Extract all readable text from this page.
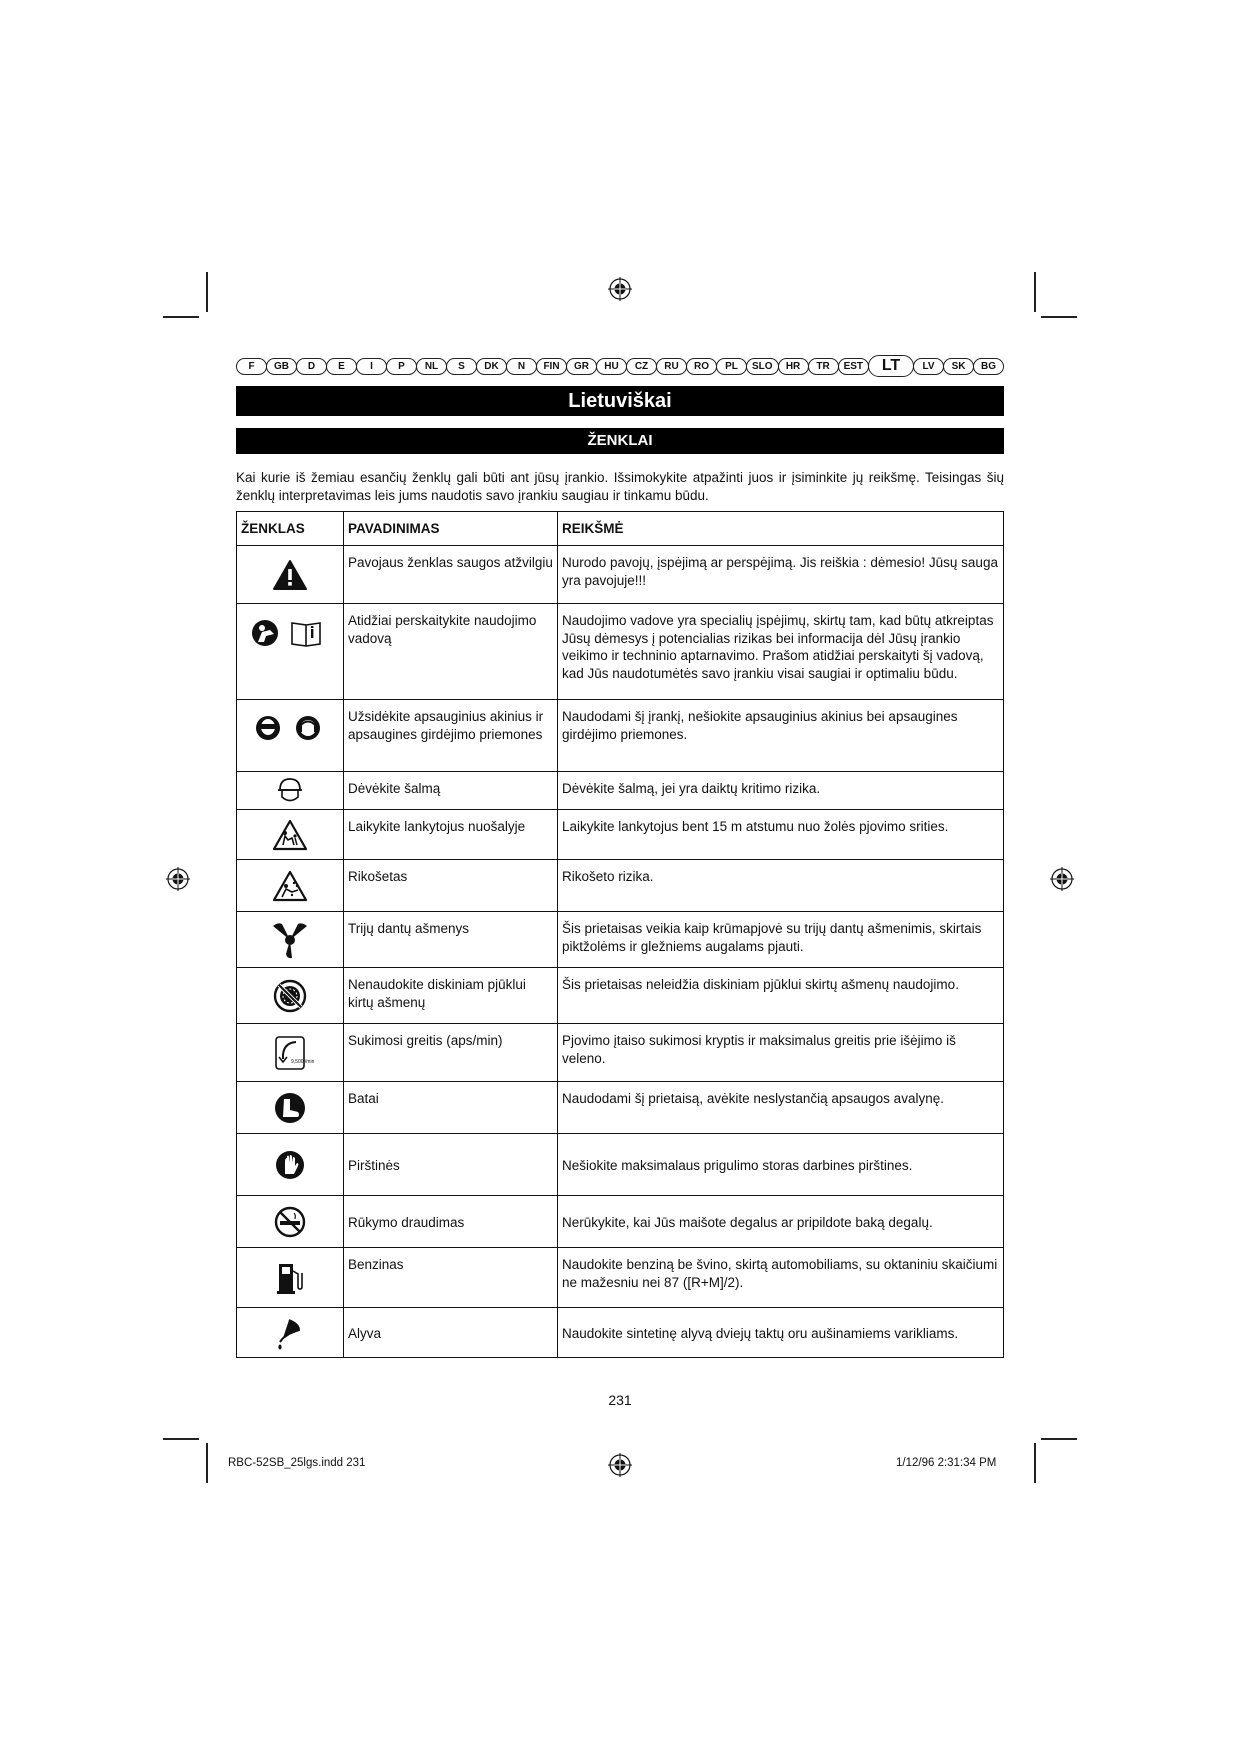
F	GB	D	E	I	P	NL	S	DK	N	FIN	GR	HU	CZ	RU	RO	PL	SLO	HR	TR	EST	LT	LV	SK	BG
Lietuviškai
ŽENKLAI

Kai kurie iš žemiau esančių ženklų gali būti ant jūsų įrankio. Išsimokykite atpažinti juos ir įsiminkite jų reikšmę. Teisingas šių ženklų interpretavimas leis jums naudotis savo įrankiu saugiau ir tinkamu būdu.

ŽENKLAS	PAVADINIMAS	REIKŠMĖ
	Pavojaus ženklas saugos atžvilgiu	Nurodo pavojų, įspėjimą ar perspėjimą. Jis reiškia : dėmesio! Jūsų sauga yra pavojuje!!!
	Atidžiai perskaitykite naudojimo vadovą	Naudojimo vadove yra specialių įspėjimų, skirtų tam, kad būtų atkreiptas Jūsų dėmesys į potencialias rizikas bei informacija dėl Jūsų įrankio veikimo ir techninio aptarnavimo. Prašom atidžiai perskaityti šį vadovą, kad Jūs naudotumėtės savo įrankiu visai saugiai ir optimaliu būdu.
	Užsidėkite apsauginius akinius ir apsaugines girdėjimo priemones	Naudodami šį įrankį, nešiokite apsauginius akinius bei apsaugines girdėjimo priemones.
	Dėvėkite šalmą	Dėvėkite šalmą, jei yra daiktų kritimo rizika.
	Laikykite lankytojus nuošalyje	Laikykite lankytojus bent 15 m atstumu nuo žolės pjovimo srities.
	Rikošetas	Rikošeto rizika.
	Trijų dantų ašmenys	Šis prietaisas veikia kaip krūmapjovė su trijų dantų ašmenimis, skirtais piktžolėms ir gležniems augalams pjauti.
	Nenaudokite diskiniam pjūklui kirtų ašmenų	Šis prietaisas neleidžia diskiniam pjūklui skirtų ašmenų naudojimo.

9,500 /min	Sukimosi greitis (aps/min)	Pjovimo įtaiso sukimosi kryptis ir maksimalus greitis prie išėjimo iš veleno.
	Batai	Naudodami šį prietaisą, avėkite neslystančią apsaugos avalynę.
	Pirštinės	Nešiokite maksimalaus prigulimo storas darbines pirštines.
	Rūkymo draudimas	Nerūkykite, kai Jūs maišote degalus ar pripildote baką degalų.
	Benzinas	Naudokite benziną be švino, skirtą automobiliams, su oktaniniu skaičiumi ne mažesniu nei 87 ([R+M]/2).
	Alyva	Naudokite sintetinę alyvą dviejų taktų oru aušinamiems varikliams.
231
RBC-52SB_25lgs.indd 231	1/12/96 2:31:34 PM
